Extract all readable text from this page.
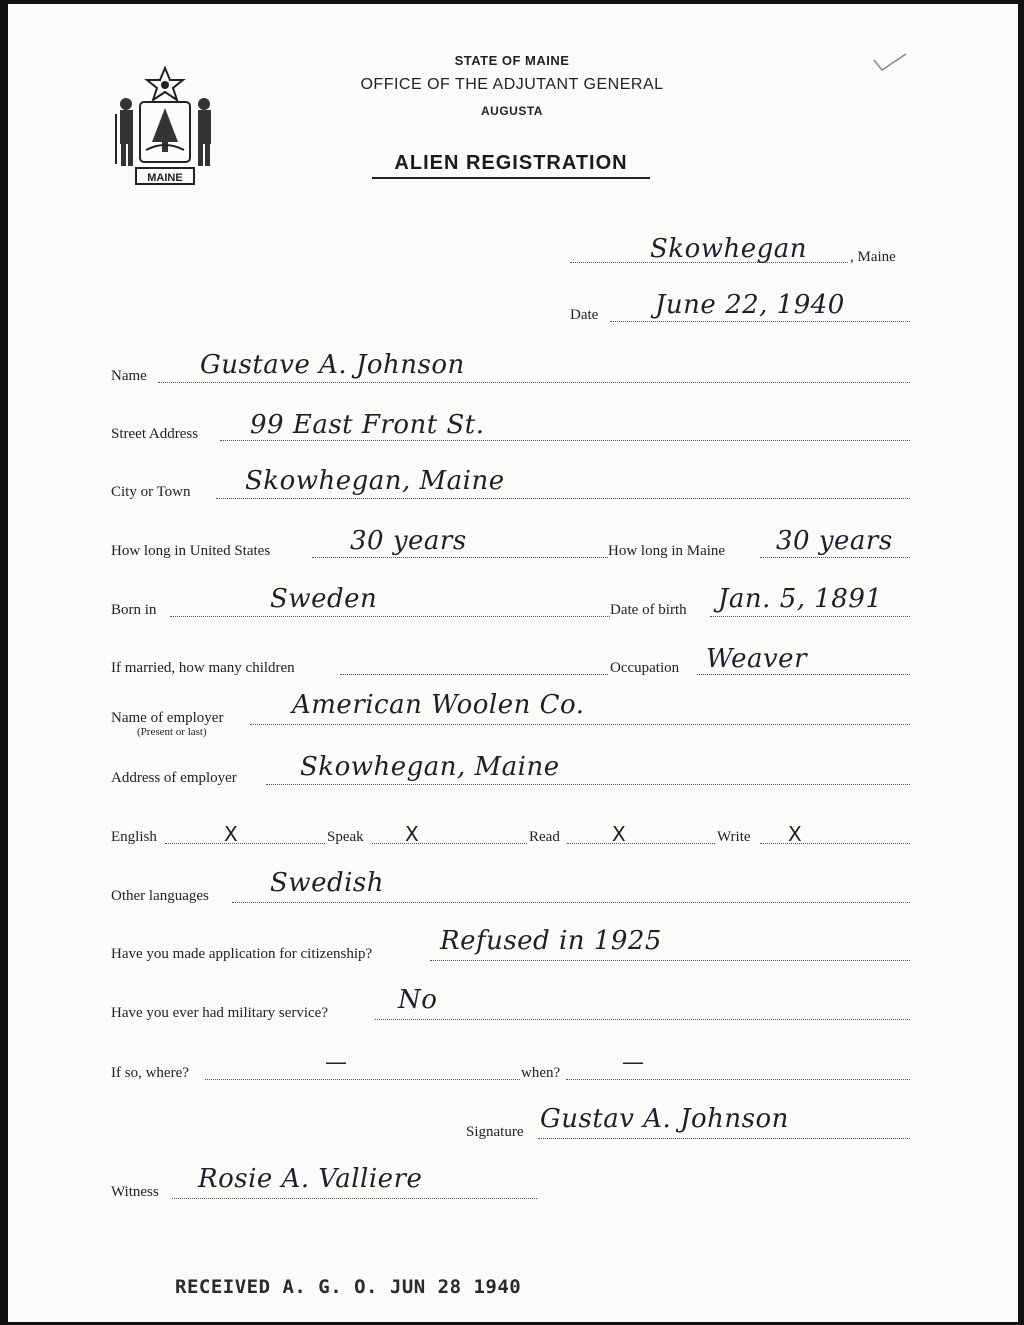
MAINE
STATE OF MAINE
OFFICE OF THE ADJUTANT GENERAL
AUGUSTA
ALIEN REGISTRATION
Skowhegan	, Maine
Date June 22, 1940
Name Gustave A. Johnson
Street Address 99 East Front St.
City or Town Skowhegan, Maine
How long in United States	30 years	How long in Maine 30 years
Born in	Sweden	Date of birth Jan. 5, 1891
If married, how many children	Occupation Weaver
Name of employer
(Present or last)
American Woolen Co.
Address of employer Skowhegan, Maine
English	X	Speak X	Read	X	Write X
Other languages Swedish
Have you made application for citizenship?	Refused in 1925
Have you ever had military service?	No
If so, where?	—	when?	—
Signature Gustav A. Johnson
Witness Rosie A. Valliere
RECEIVED A. G. O. JUN 28 1940
